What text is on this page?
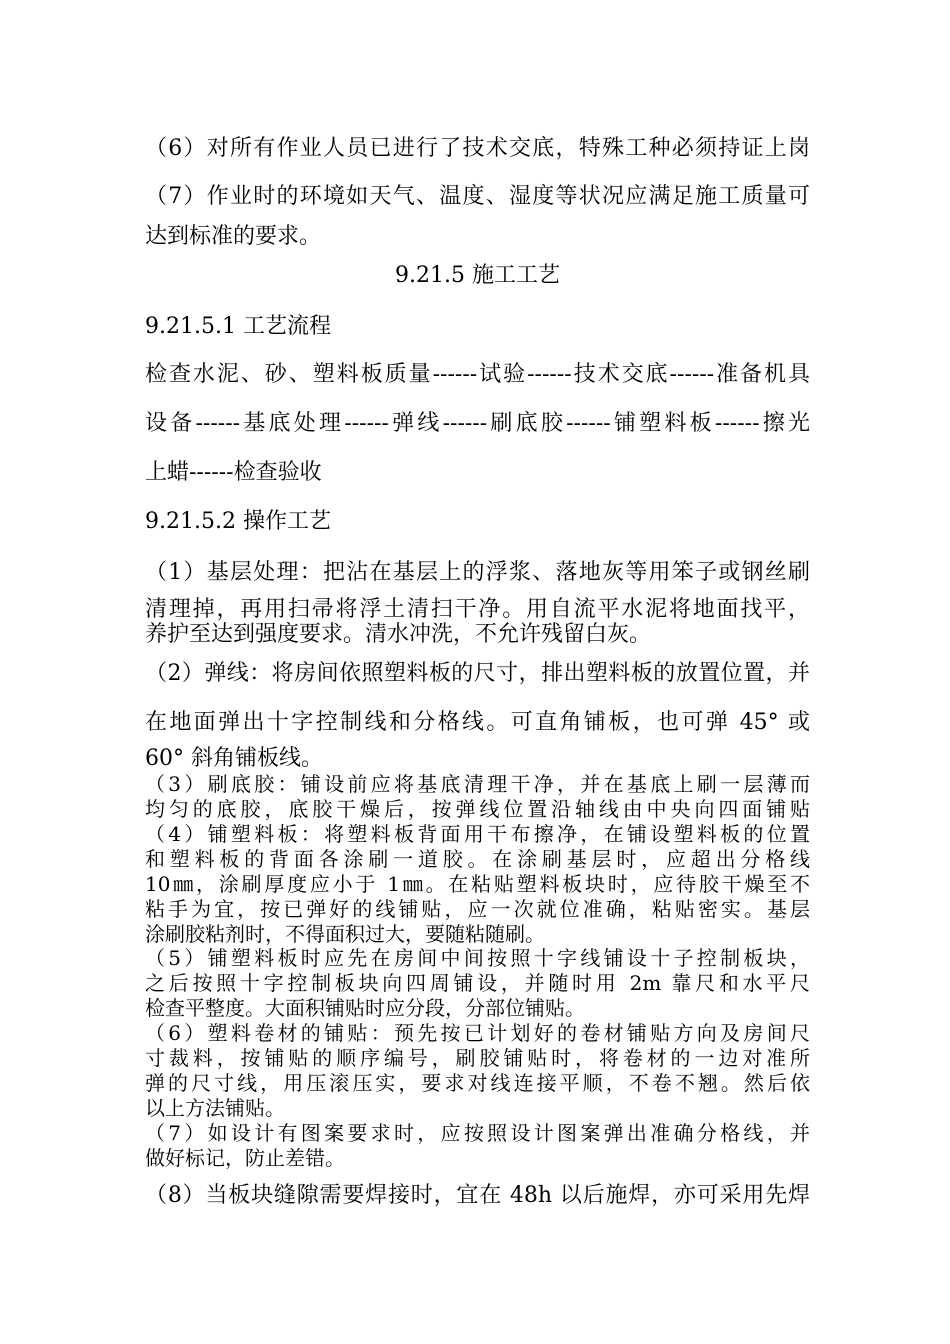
（6）对所有作业人员已进行了技术交底，特殊工种必须持证上岗
（7）作业时的环境如天气、温度、湿度等状况应满足施工质量可
达到标准的要求。
9.21.5 施工工艺
9.21.5.1 工艺流程
检查水泥、砂、塑料板质量------试验------技术交底------准备机具
设备------基底处理------弹线------刷底胶------铺塑料板------擦光
上蜡------检查验收
9.21.5.2 操作工艺
（1）基层处理：把沾在基层上的浮浆、落地灰等用笨子或钢丝刷
清理掉，再用扫帚将浮土清扫干净。用自流平水泥将地面找平，
养护至达到强度要求。清水冲洗，不允许残留白灰。
（2）弹线：将房间依照塑料板的尺寸，排出塑料板的放置位置，并
在地面弹出十字控制线和分格线。可直角铺板，也可弹 45° 或
60° 斜角铺板线。
（3）刷底胶：铺设前应将基底清理干净，并在基底上刷一层薄而
均匀的底胶，底胶干燥后，按弹线位置沿轴线由中央向四面铺贴
（4）铺塑料板：将塑料板背面用干布擦净，在铺设塑料板的位置
和塑料板的背面各涂刷一道胶。在涂刷基层时，应超出分格线
10㎜，涂刷厚度应小于 1㎜。在粘贴塑料板块时，应待胶干燥至不
粘手为宜，按已弹好的线铺贴，应一次就位准确，粘贴密实。基层
涂刷胶粘剂时，不得面积过大，要随粘随刷。
（5）铺塑料板时应先在房间中间按照十字线铺设十子控制板块，
之后按照十字控制板块向四周铺设，并随时用 2m 靠尺和水平尺
检查平整度。大面积铺贴时应分段，分部位铺贴。
（6）塑料卷材的铺贴：预先按已计划好的卷材铺贴方向及房间尺
寸裁料，按铺贴的顺序编号，刷胶铺贴时，将卷材的一边对准所
弹的尺寸线，用压滚压实，要求对线连接平顺，不卷不翘。然后依
以上方法铺贴。
（7）如设计有图案要求时，应按照设计图案弹出准确分格线，并
做好标记，防止差错。
（8）当板块缝隙需要焊接时，宜在 48h 以后施焊，亦可采用先焊
